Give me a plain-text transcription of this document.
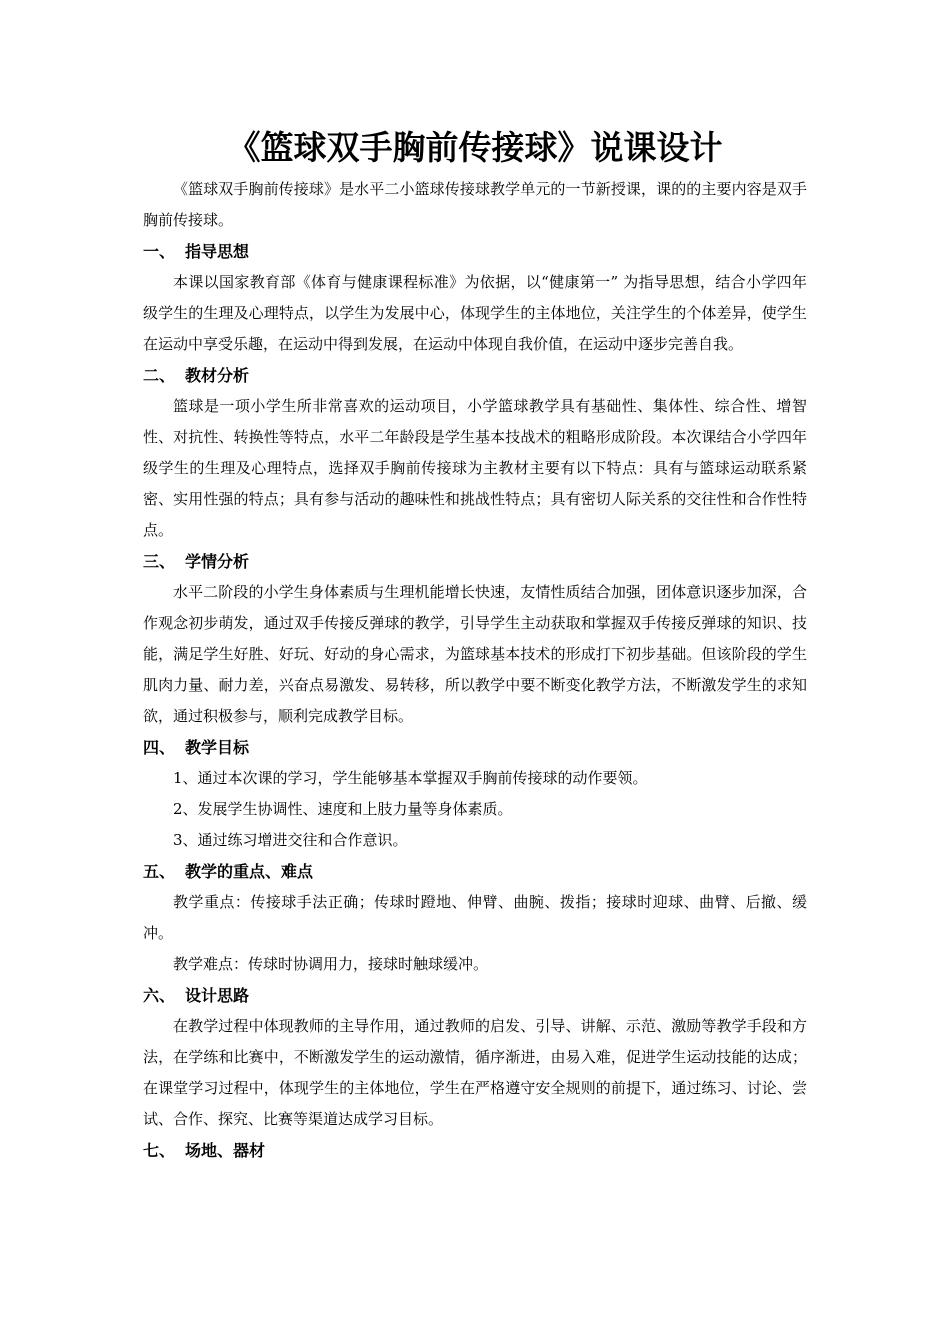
《篮球双手胸前传接球》说课设计

《篮球双手胸前传接球》是水平二小篮球传接球教学单元的一节新授课，课的的主要内容是双手胸前传接球。

一、 指导思想

本课以国家教育部《体育与健康课程标准》为依据，以“健康第一” 为指导思想，结合小学四年级学生的生理及心理特点，以学生为发展中心，体现学生的主体地位，关注学生的个体差异，使学生在运动中享受乐趣，在运动中得到发展，在运动中体现自我价值，在运动中逐步完善自我。

二、 教材分析

篮球是一项小学生所非常喜欢的运动项目，小学篮球教学具有基础性、集体性、综合性、增智性、对抗性、转换性等特点，水平二年龄段是学生基本技战术的粗略形成阶段。本次课结合小学四年级学生的生理及心理特点，选择双手胸前传接球为主教材主要有以下特点：具有与篮球运动联系紧密、实用性强的特点；具有参与活动的趣味性和挑战性特点；具有密切人际关系的交往性和合作性特点。

三、 学情分析

水平二阶段的小学生身体素质与生理机能增长快速，友情性质结合加强，团体意识逐步加深，合作观念初步萌发，通过双手传接反弹球的教学，引导学生主动获取和掌握双手传接反弹球的知识、技能，满足学生好胜、好玩、好动的身心需求，为篮球基本技术的形成打下初步基础。但该阶段的学生肌肉力量、耐力差，兴奋点易激发、易转移，所以教学中要不断变化教学方法，不断激发学生的求知欲，通过积极参与，顺利完成教学目标。

四、 教学目标

1、通过本次课的学习，学生能够基本掌握双手胸前传接球的动作要领。

2、发展学生协调性、速度和上肢力量等身体素质。

3、通过练习增进交往和合作意识。

五、 教学的重点、难点

教学重点：传接球手法正确；传球时蹬地、伸臂、曲腕、拨指；接球时迎球、曲臂、后撤、缓冲。

教学难点：传球时协调用力，接球时触球缓冲。

六、 设计思路

在教学过程中体现教师的主导作用，通过教师的启发、引导、讲解、示范、激励等教学手段和方法，在学练和比赛中，不断激发学生的运动激情，循序渐进，由易入难，促进学生运动技能的达成；在课堂学习过程中，体现学生的主体地位，学生在严格遵守安全规则的前提下，通过练习、讨论、尝试、合作、探究、比赛等渠道达成学习目标。

七、 场地、器材
